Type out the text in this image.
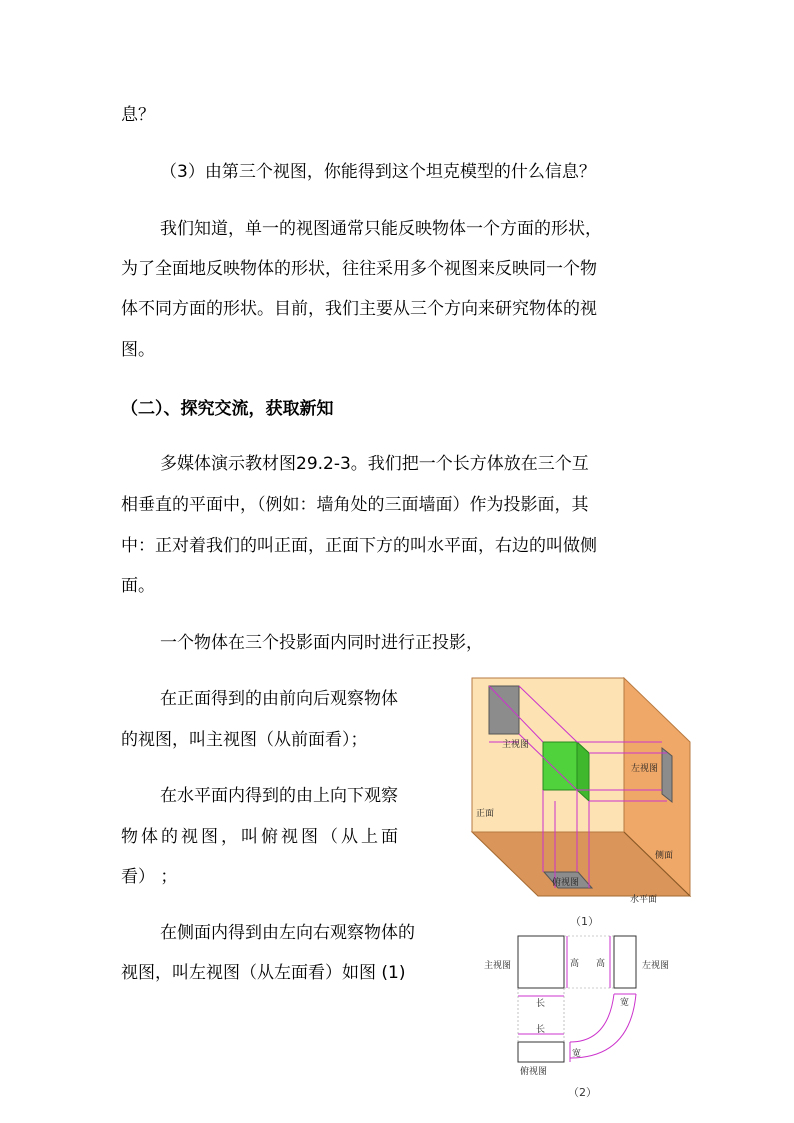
息？
（3）由第三个视图，你能得到这个坦克模型的什么信息？
我们知道，单一的视图通常只能反映物体一个方面的形状，
为了全面地反映物体的形状，往往采用多个视图来反映同一个物
体不同方面的形状。目前，我们主要从三个方向来研究物体的视
图。
（二）、探究交流，获取新知
多媒体演示教材图29.2-3。我们把一个长方体放在三个互
相垂直的平面中，（例如：墙角处的三面墙面）作为投影面，其
中：正对着我们的叫正面，正面下方的叫水平面，右边的叫做侧
面。
一个物体在三个投影面内同时进行正投影，
在正面得到的由前向后观察物体
的视图，叫主视图（从前面看）；
在水平面内得到的由上向下观察
物体的视图，叫俯视图（从上面
看） ；
在侧面内得到由左向右观察物体的
视图，叫左视图（从左面看）如图 (1)
主视图
左视图
正面
侧面
俯视图
水平面
（1）
主视图	左视图
俯视图
长
长
高 高
宽
宽
（2）
